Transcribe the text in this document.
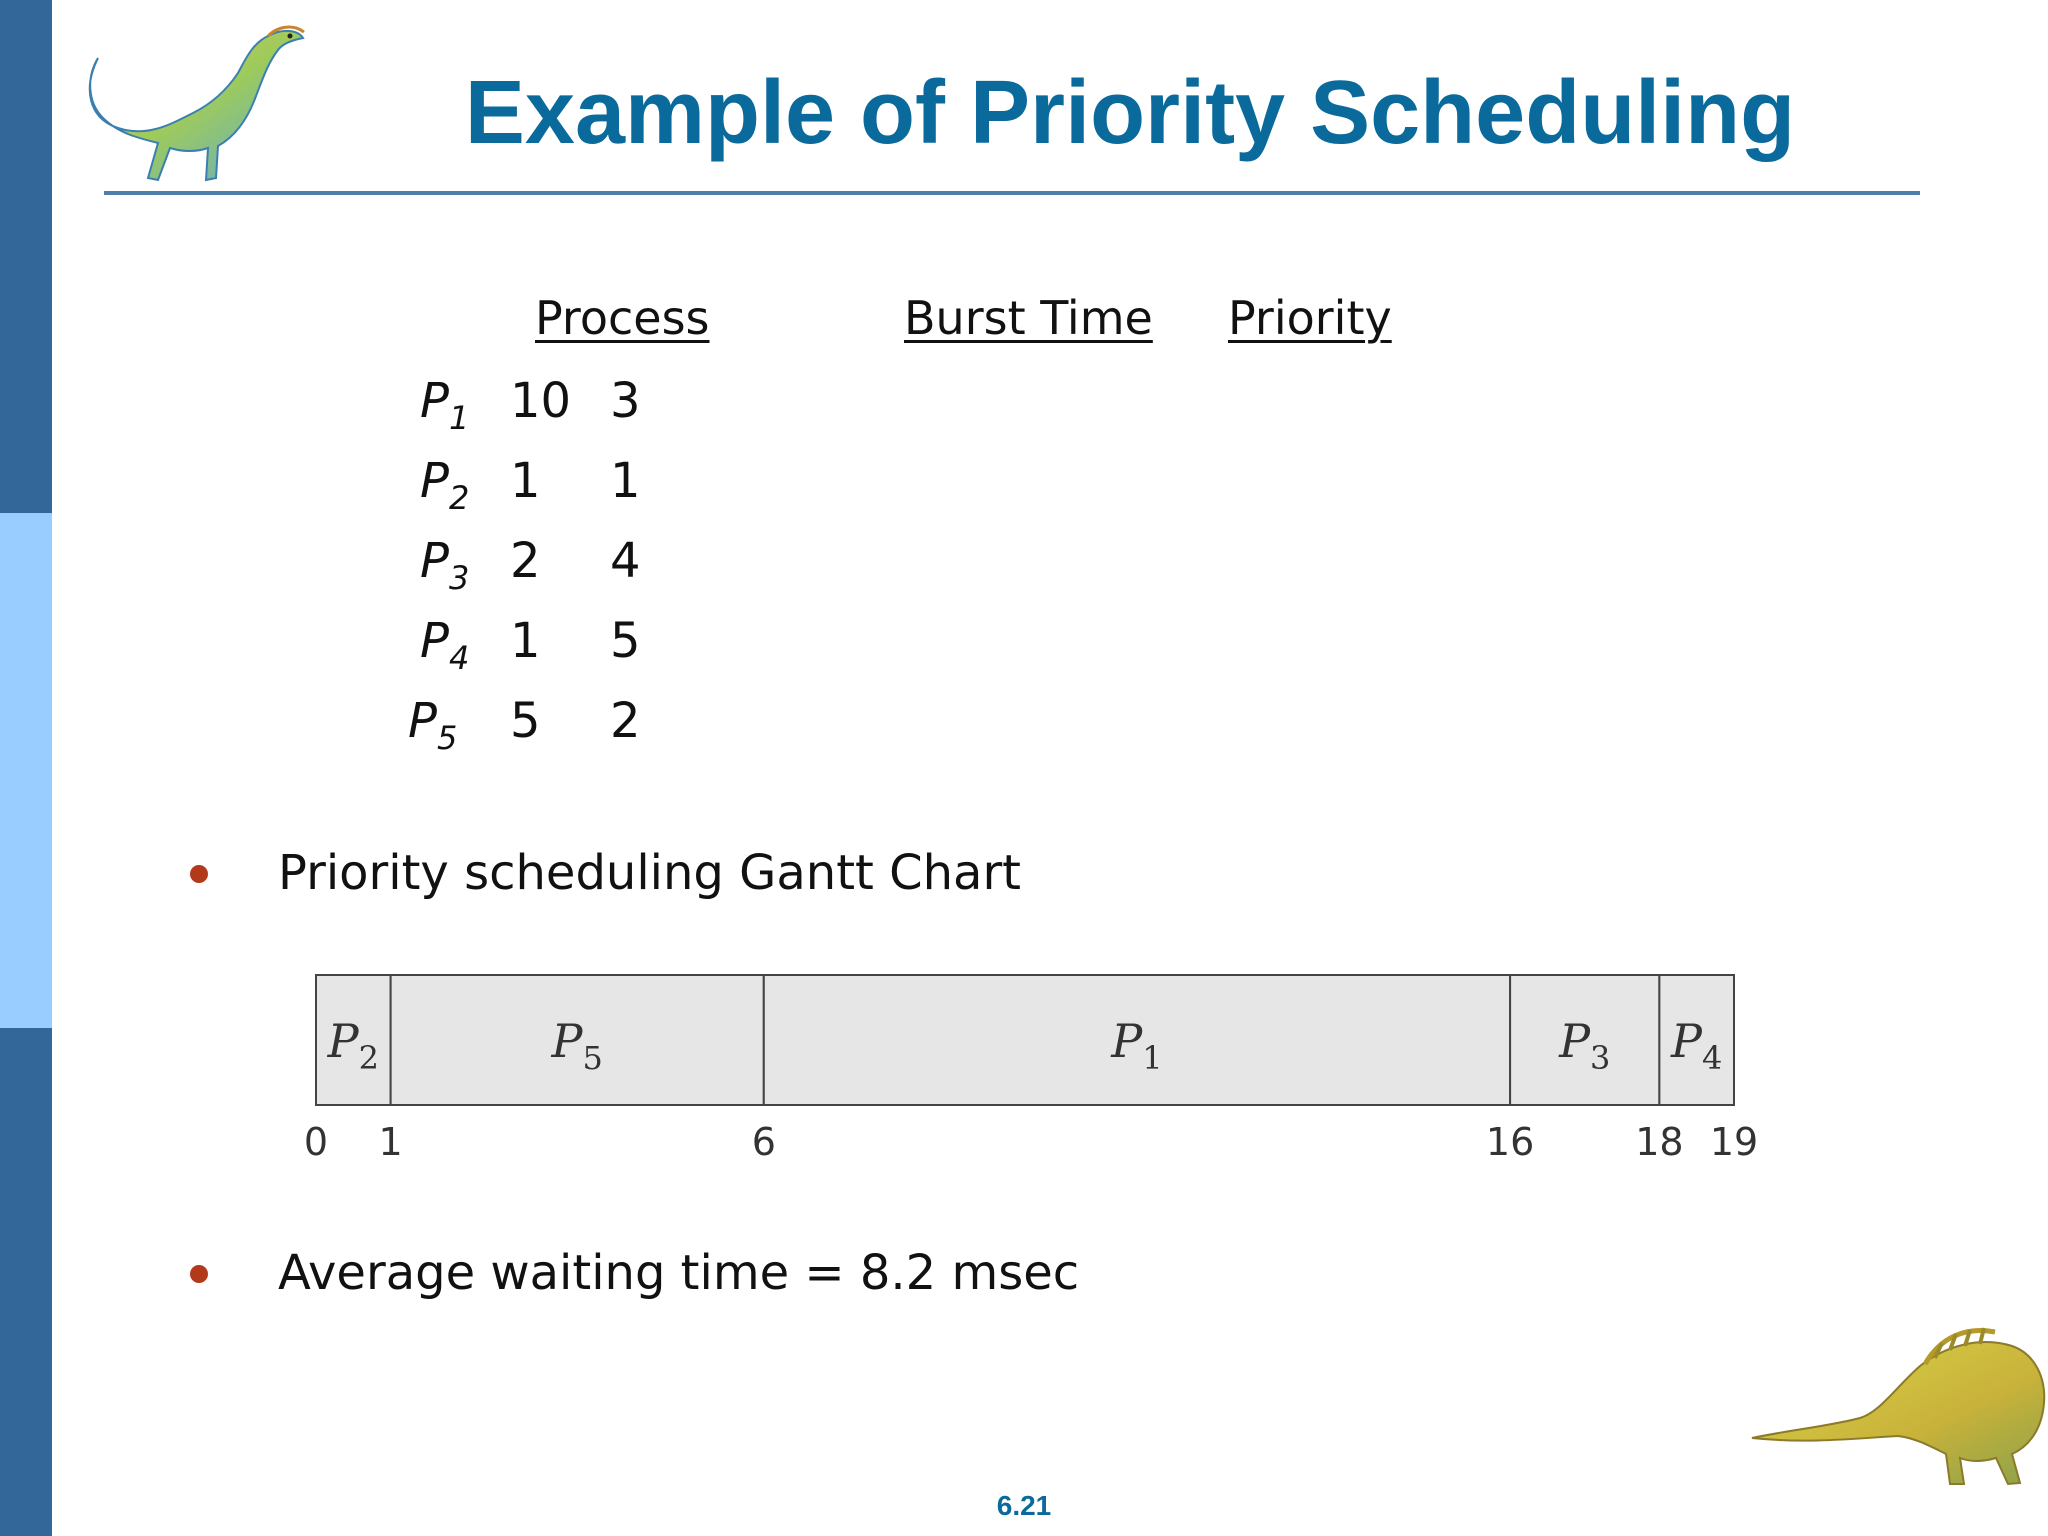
Example of Priority Scheduling
Process	Burst Time Priority
$P_1$ 10 3
$P_2$ 1 1
$P_3$ 2 4
$P_4$ 1 5
$P_5$ 5 2
Priority scheduling Gantt Chart
$P_2$	$P_5$	$P_1$	$P_3$ $P_4$
0 1	6	16	18 19
Average waiting time = 8.2 msec
6.21
